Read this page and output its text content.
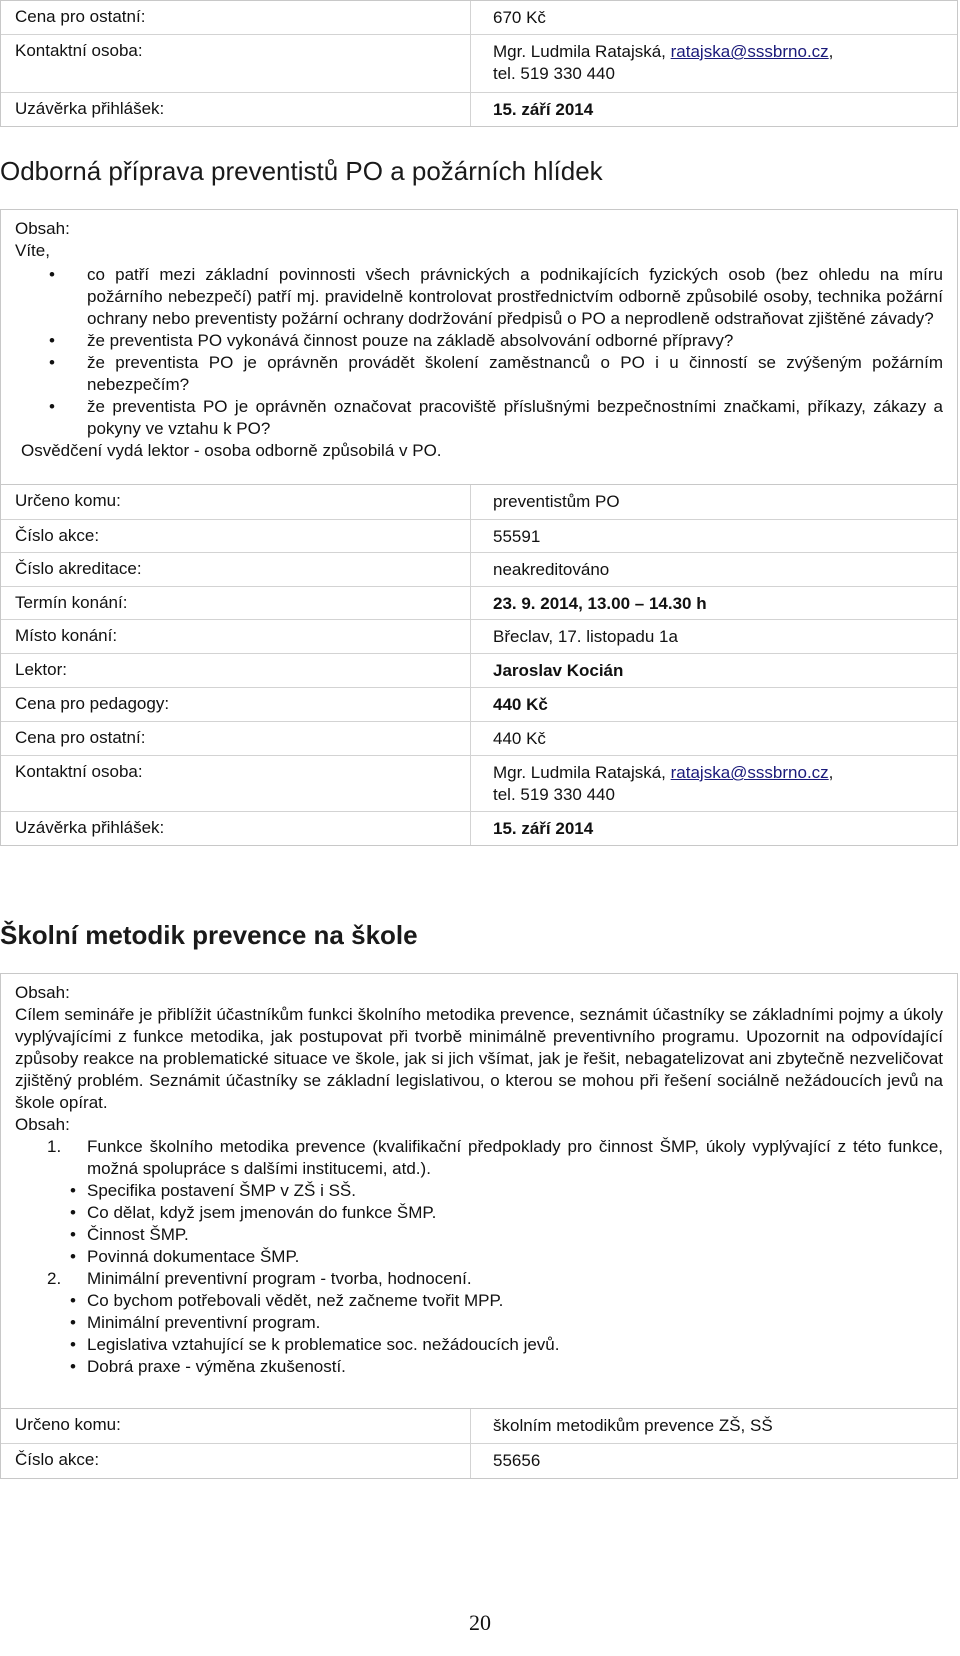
Cena pro ostatní:	670 Kč
Kontaktní osoba:	Mgr. Ludmila Ratajská, ratajska@sssbrno.cz,
tel. 519 330 440
Uzávěrka přihlášek:	15. září 2014
Odborná příprava preventistů PO a požárních hlídek

Obsah:

Víte,

• co patří mezi základní povinnosti všech právnických a podnikajících fyzických osob (bez ohledu na míru požárního nebezpečí) patří mj. pravidelně kontrolovat prostřednictvím odborně způsobilé osoby, technika požární ochrany nebo preventisty požární ochrany dodržování předpisů o PO a neprodleně odstraňovat zjištěné závady?
• že preventista PO vykonává činnost pouze na základě absolvování odborné přípravy?
• že preventista PO je oprávněn provádět školení zaměstnanců o PO i u činností se zvýšeným požárním nebezpečím?
• že preventista PO je oprávněn označovat pracoviště příslušnými bezpečnostními značkami, příkazy, zákazy a pokyny ve vztahu k PO?

Osvědčení vydá lektor - osoba odborně způsobilá v PO.

Určeno komu:	preventistům PO
Číslo akce:	55591
Číslo akreditace:	neakreditováno
Termín konání:	23. 9. 2014, 13.00 – 14.30 h
Místo konání:	Břeclav, 17. listopadu 1a
Lektor:	Jaroslav Kocián
Cena pro pedagogy:	440 Kč
Cena pro ostatní:	440 Kč
Kontaktní osoba:	Mgr. Ludmila Ratajská, ratajska@sssbrno.cz,
tel. 519 330 440
Uzávěrka přihlášek:	15. září 2014
Školní metodik prevence na škole

Obsah:

Cílem semináře je přiblížit účastníkům funkci školního metodika prevence, seznámit účastníky se základními pojmy a úkoly vyplývajícími z funkce metodika, jak postupovat při tvorbě minimálně preventivního programu. Upozornit na odpovídající způsoby reakce na problematické situace ve škole, jak si jich všímat, jak je řešit, nebagatelizovat ani zbytečně nezveličovat zjištěný problém. Seznámit účastníky se základní legislativou, o kterou se mohou při řešení sociálně nežádoucích jevů na škole opírat.

Obsah:

1. Funkce školního metodika prevence (kvalifikační předpoklady pro činnost ŠMP, úkoly vyplývající z této funkce, možná spolupráce s dalšími institucemi, atd.).
• Specifika postavení ŠMP v ZŠ i SŠ.
• Co dělat, když jsem jmenován do funkce ŠMP.
• Činnost ŠMP.
• Povinná dokumentace ŠMP.
2. Minimální preventivní program - tvorba, hodnocení.
• Co bychom potřebovali vědět, než začneme tvořit MPP.
• Minimální preventivní program.
• Legislativa vztahující se k problematice soc. nežádoucích jevů.
• Dobrá praxe - výměna zkušeností.
Určeno komu:	školním metodikům prevence ZŠ, SŠ
Číslo akce:	55656
20
